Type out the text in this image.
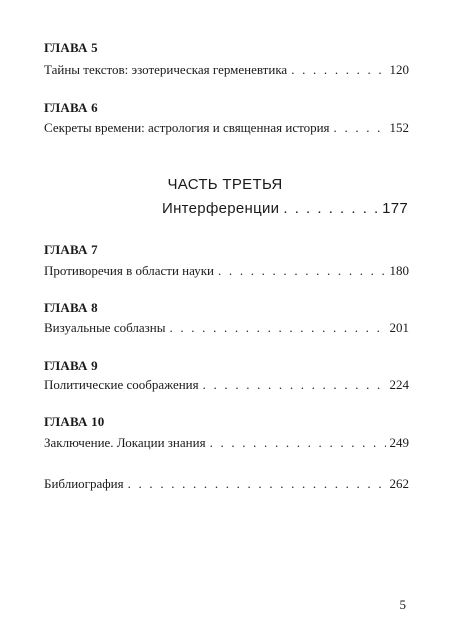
ГЛАВА 5
Тайны текстов: эзотерическая герменевтика . . .	120
ГЛАВА 6
Секреты времени: астрология и священная история . . .	152
ЧАСТЬ ТРЕТЬЯ
Интерференции . . .	177
ГЛАВА 7
Противоречия в области науки . . .	180
ГЛАВА 8
Визуальные соблазны . . .	201
ГЛАВА 9
Политические соображения . . .	224
ГЛАВА 10
Заключение. Локации знания . . .	249
Библиография . . .	262
5
